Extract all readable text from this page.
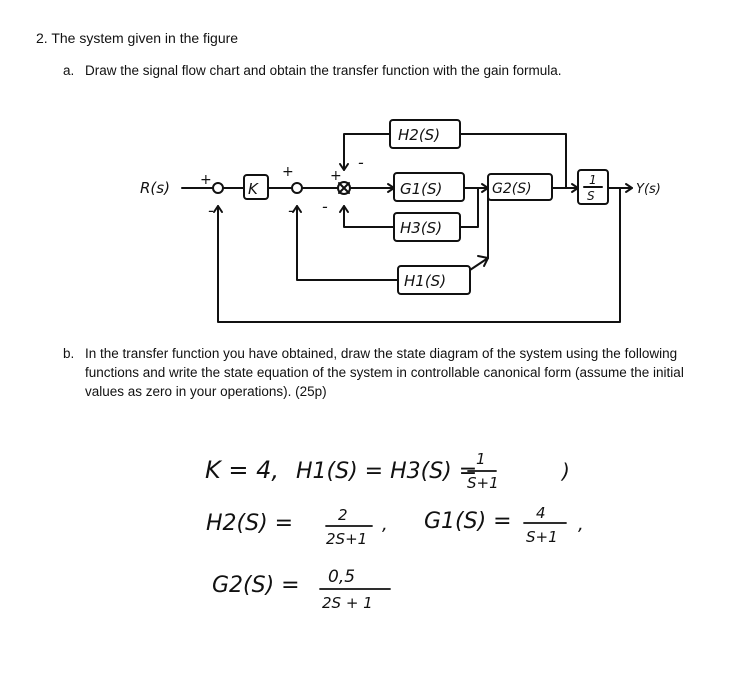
2. The system given in the figure
a. Draw the signal flow chart and obtain the transfer function with the gain formula.
R(s)	Y(s)
K	G1(S)	G2(S)
H2(S)
H3(S)
H1(S)
1
S
+
-
+
-
+
-
-
b. In the transfer function you have obtained, draw the state diagram of the system using the following functions and write the state equation of the system in controllable canonical form (assume the initial values as zero in your operations). (25p)
K = 4, H1(S) = H3(S) =
1
S+1	)
H2(S) =	2
2S+1
, G1(S) = 4
S+1
,
G2(S) = 0,5
2S + 1
